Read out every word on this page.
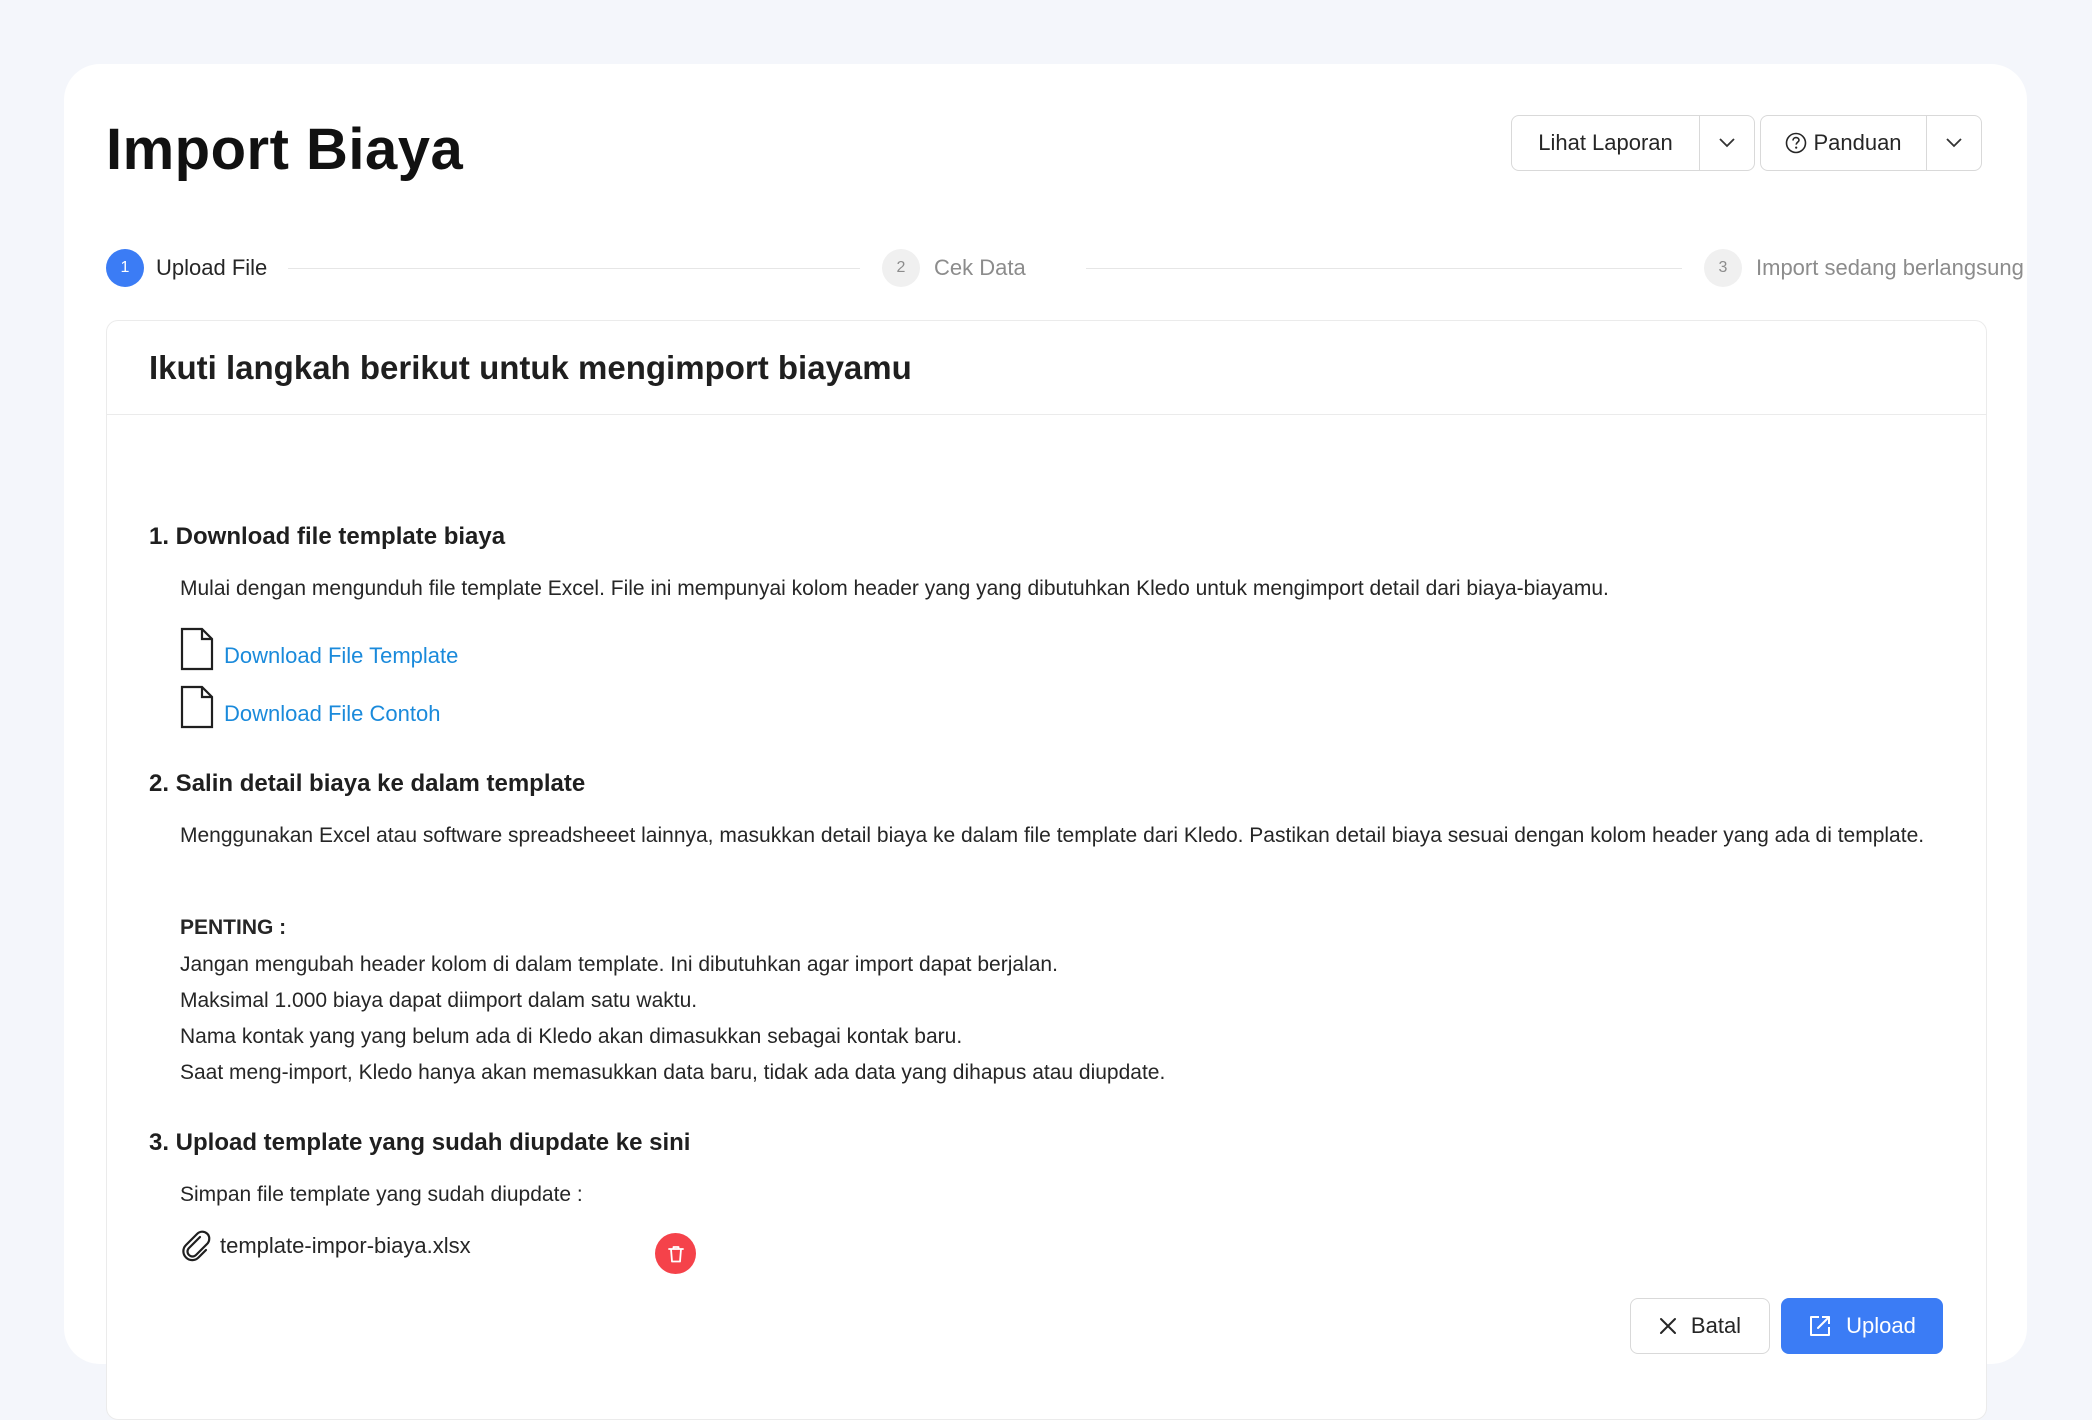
Import Biaya	Lihat Laporan	Panduan
1	Upload File	2	Cek Data	3	Import sedang berlangsung
Ikuti langkah berikut untuk mengimport biayamu
1. Download file template biaya
Mulai dengan mengunduh file template Excel. File ini mempunyai kolom header yang yang dibutuhkan Kledo untuk mengimport detail dari biaya-biayamu.
Download File Template
Download File Contoh
2. Salin detail biaya ke dalam template
Menggunakan Excel atau software spreadsheeet lainnya, masukkan detail biaya ke dalam file template dari Kledo. Pastikan detail biaya sesuai dengan kolom header yang ada di template.
PENTING :
Jangan mengubah header kolom di dalam template. Ini dibutuhkan agar import dapat berjalan.
Maksimal 1.000 biaya dapat diimport dalam satu waktu.
Nama kontak yang yang belum ada di Kledo akan dimasukkan sebagai kontak baru.
Saat meng-import, Kledo hanya akan memasukkan data baru, tidak ada data yang dihapus atau diupdate.
3. Upload template yang sudah diupdate ke sini
Simpan file template yang sudah diupdate :
template-impor-biaya.xlsx
Batal	Upload
